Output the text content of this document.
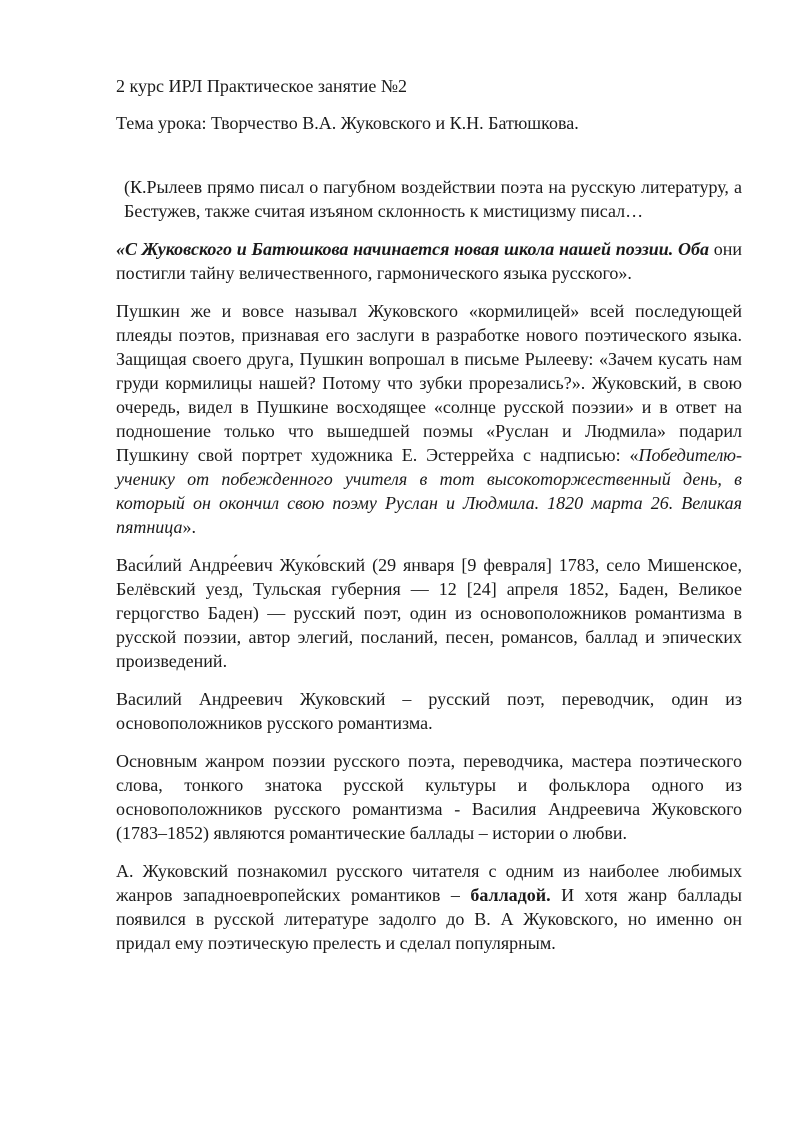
2 курс ИРЛ Практическое занятие №2

Тема урока: Творчество В.А. Жуковского и К.Н. Батюшкова.

(К.Рылеев прямо писал о пагубном воздействии поэта на русскую литературу, а Бестужев, также считая изъяном склонность к мистицизму писал…

«С Жуковского и Батюшкова начинается новая школа нашей поэзии. Оба они постигли тайну величественного, гармонического языка русского».

Пушкин же и вовсе называл Жуковского «кормилицей» всей последующей плеяды поэтов, признавая его заслуги в разработке нового поэтического языка. Защищая своего друга, Пушкин вопрошал в письме Рылееву: «Зачем кусать нам груди кормилицы нашей? Потому что зубки прорезались?». Жуковский, в свою очередь, видел в Пушкине восходящее «солнце русской поэзии» и в ответ на подношение только что вышедшей поэмы «Руслан и Людмила» подарил Пушкину свой портрет художника Е. Эстеррейха с надписью: «Победителю-ученику от побежденного учителя в тот высокоторжественный день, в который он окончил свою поэму Руслан и Людмила. 1820 марта 26. Великая пятница».

Васи́лий Андре́евич Жуко́вский (29 января [9 февраля] 1783, село Мишенское, Белёвский уезд, Тульская губерния — 12 [24] апреля 1852, Баден, Великое герцогство Баден) — русский поэт, один из основоположников романтизма в русской поэзии, автор элегий, посланий, песен, романсов, баллад и эпических произведений.

Василий Андреевич Жуковский – русский поэт, переводчик, один из основоположников русского романтизма.

Основным жанром поэзии русского поэта, переводчика, мастера поэтического слова, тонкого знатока русской культуры и фольклора одного из основоположников русского романтизма - Василия Андреевича Жуковского (1783–1852) являются романтические баллады – истории о любви.

А. Жуковский познакомил русского читателя с одним из наиболее любимых жанров западноевропейских романтиков – балладой. И хотя жанр баллады появился в русской литературе задолго до В. А Жуковского, но именно он придал ему поэтическую прелесть и сделал популярным.
